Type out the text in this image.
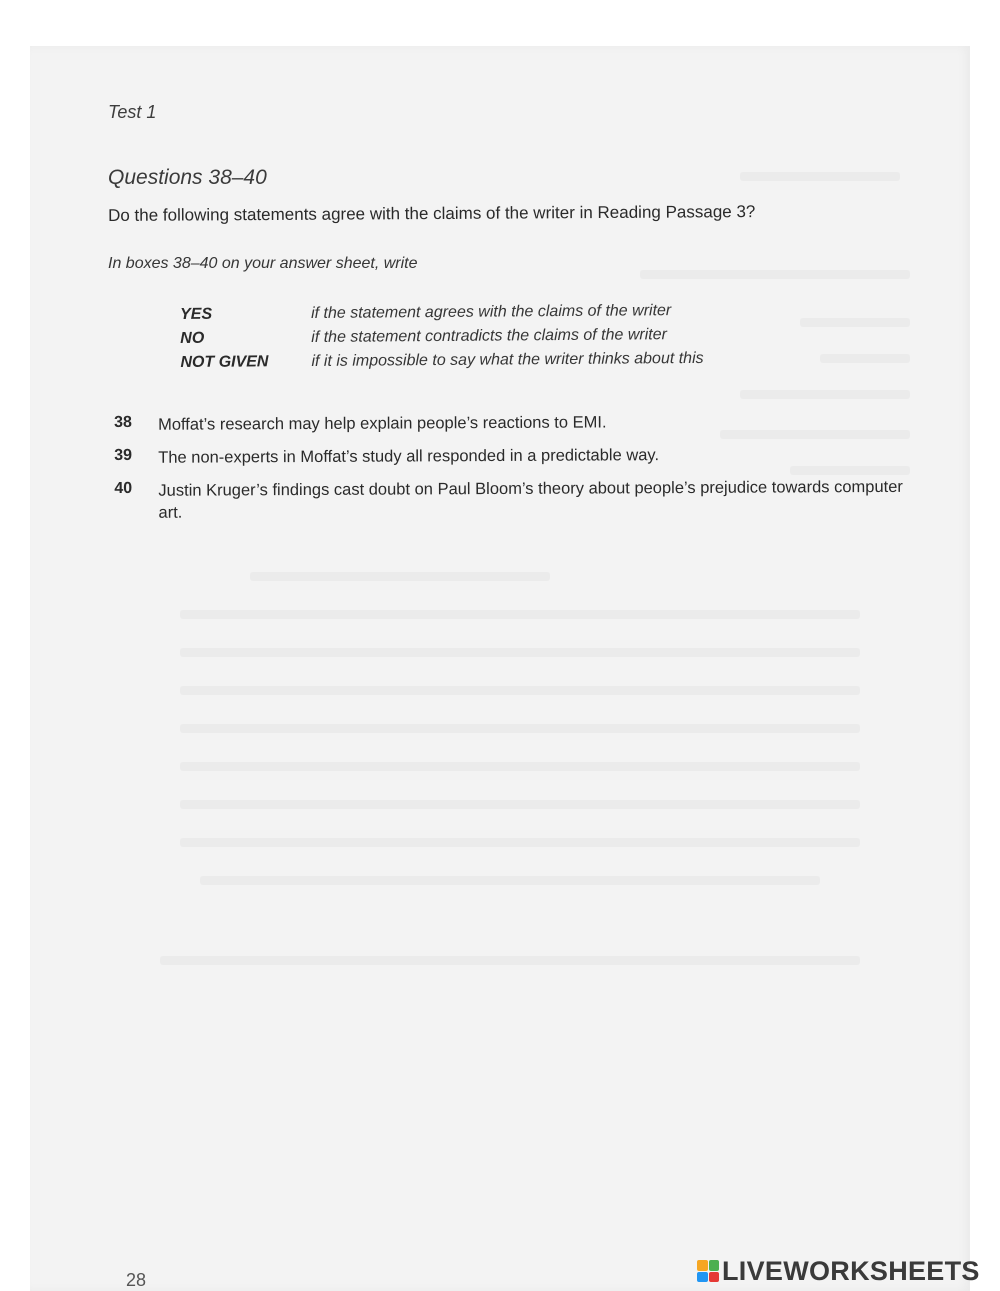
Test 1
Questions 38–40
Do the following statements agree with the claims of the writer in Reading Passage 3?
In boxes 38–40 on your answer sheet, write
YES	if the statement agrees with the claims of the writer
NO	if the statement contradicts the claims of the writer
NOT GIVEN	if it is impossible to say what the writer thinks about this
38	Moffat’s research may help explain people’s reactions to EMI.
39	The non-experts in Moffat’s study all responded in a predictable way.
40	Justin Kruger’s findings cast doubt on Paul Bloom’s theory about people’s prejudice towards computer art.
28	LIVEWORKSHEETS
